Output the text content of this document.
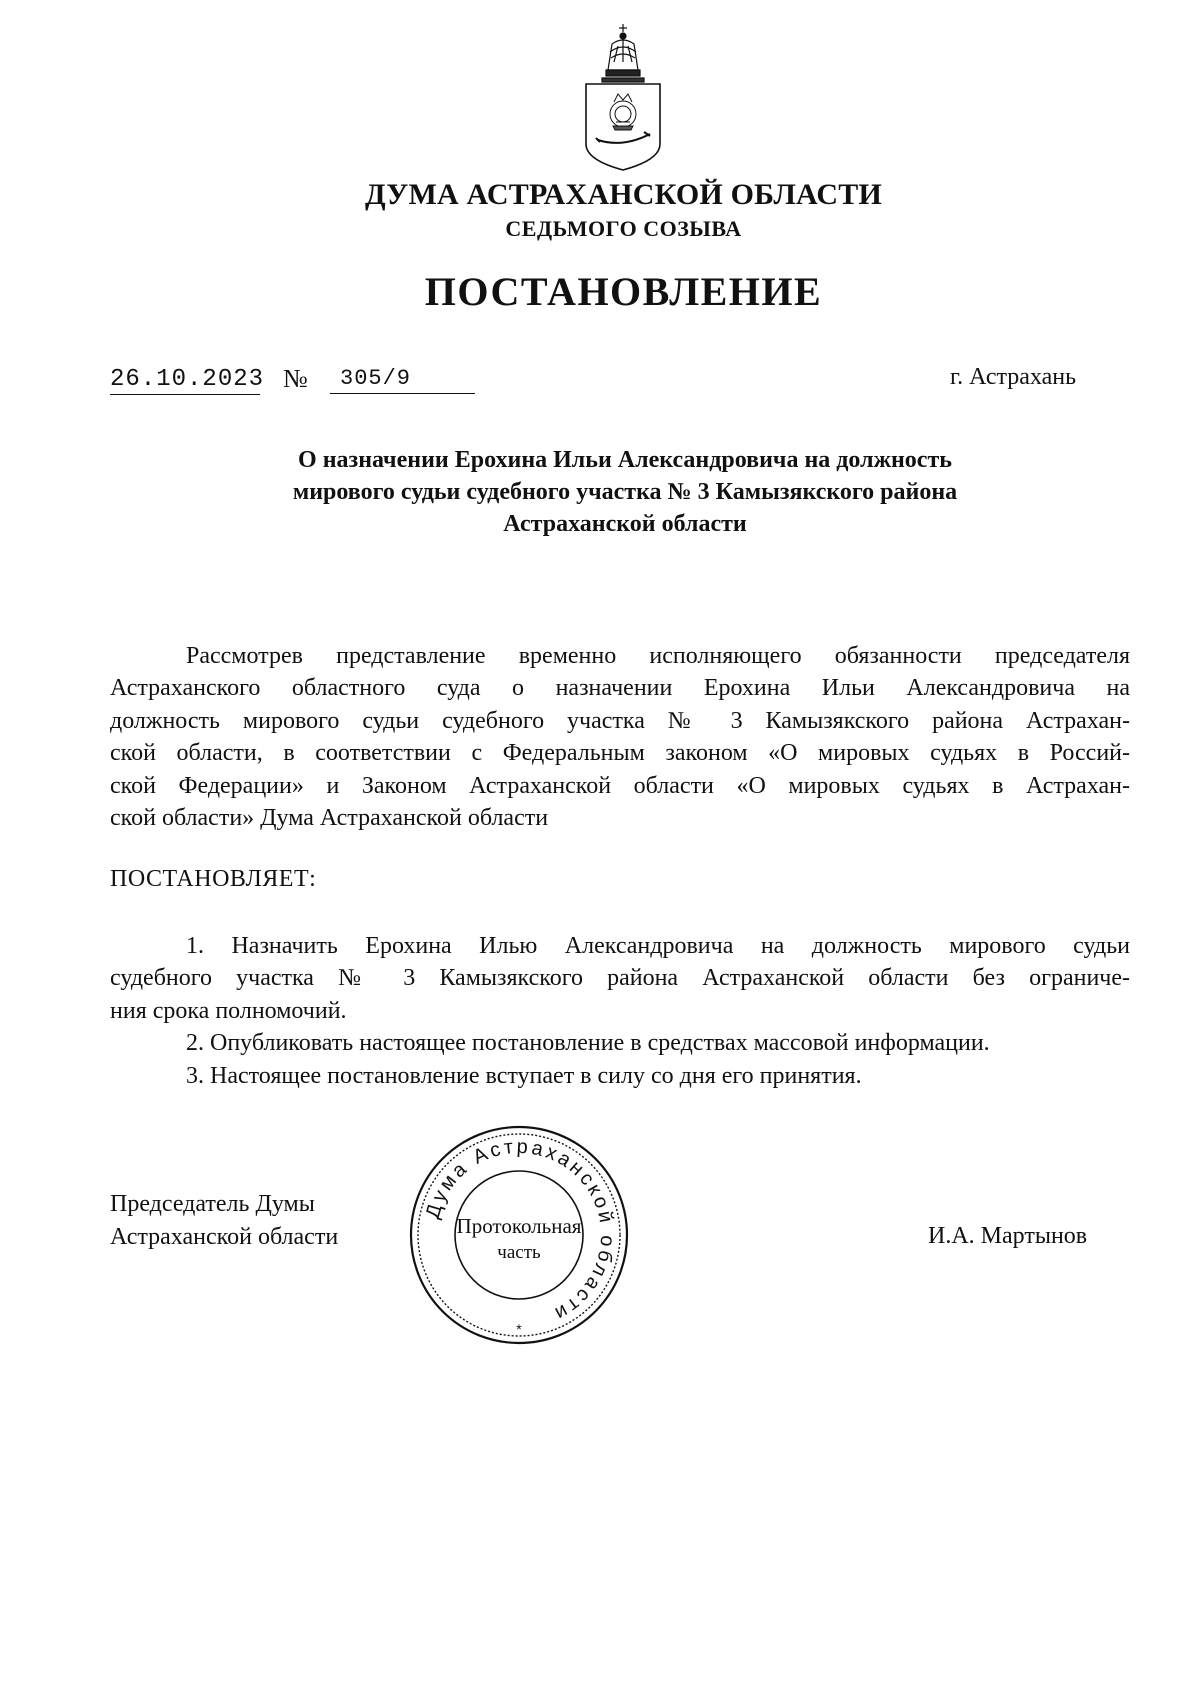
ДУМА АСТРАХАНСКОЙ ОБЛАСТИ
СЕДЬМОГО СОЗЫВА
ПОСТАНОВЛЕНИЕ
26.10.2023 №	305/9	г. Астрахань
О назначении Ерохина Ильи Александровича на должность
мирового судьи судебного участка № 3 Камызякского района
Астраханской области
Рассмотрев представление временно исполняющего обязанности председателя
Астраханского областного суда о назначении Ерохина Ильи Александровича на
должность мирового судьи судебного участка № 3 Камызякского района Астрахан-
ской области, в соответствии с Федеральным законом «О мировых судьях в Россий-
ской Федерации» и Законом Астраханской области «О мировых судьях в Астрахан-
ской области» Дума Астраханской области
ПОСТАНОВЛЯЕТ:
1. Назначить Ерохина Илью Александровича на должность мирового судьи
судебного участка № 3 Камызякского района Астраханской области без ограниче-
ния срока полномочий.
2. Опубликовать настоящее постановление в средствах массовой информации.
3. Настоящее постановление вступает в силу со дня его принятия.
Председатель Думы
Астраханской области	И.А. Мартынов
Дума Астраханской области
Протокольная
часть
*
